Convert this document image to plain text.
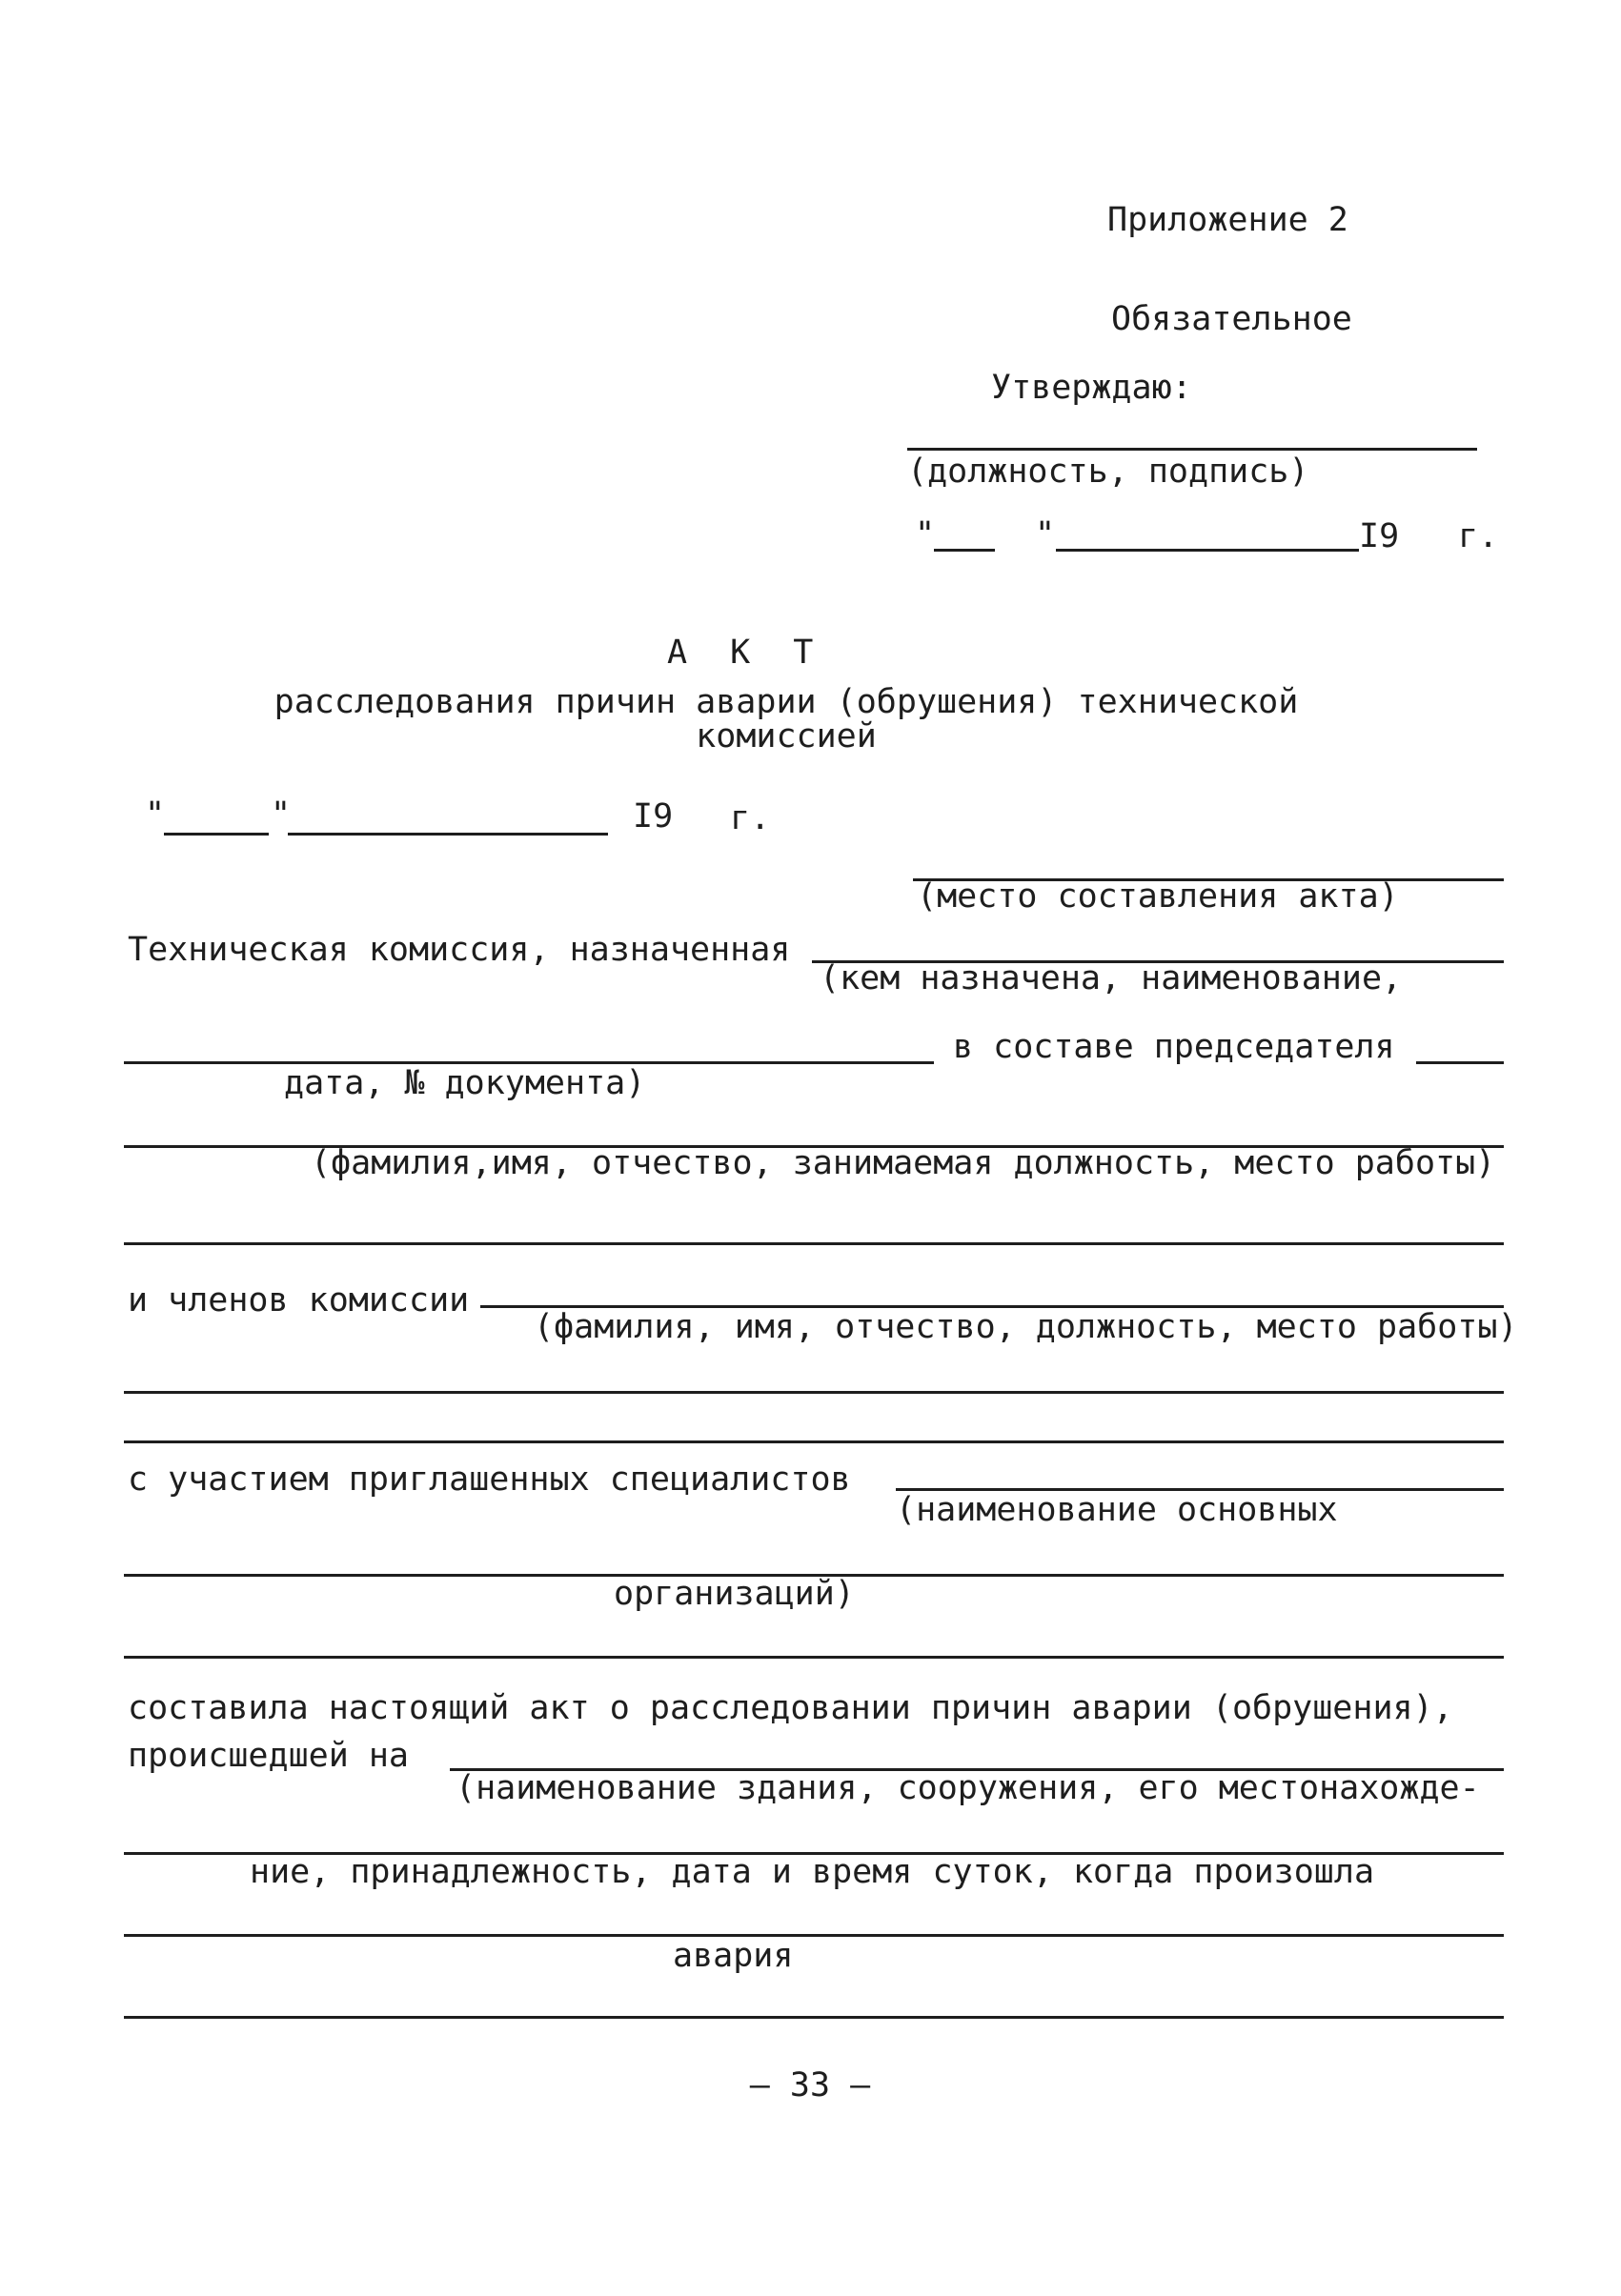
Приложение 2
Обязательное
Утверждаю:
(должность, подпись)
"	"	I9 г.
А К Т
расследования причин аварии (обрушения) технической
комиссией
"	"	I9 г.
(место составления акта)
Техническая комиссия, назначенная
(кем назначена, наименование,
в составе председателя
дата, № документа)
(фамилия,имя, отчество, занимаемая должность, место работы)
и членов комиссии
(фамилия, имя, отчество, должность, место работы)
с участием приглашенных специалистов
(наименование основных
организаций)
составила настоящий акт о расследовании причин аварии (обрушения),
происшедшей на
(наименование здания, сооружения, его местонахожде-
ние, принадлежность, дата и время суток, когда произошла
авария
– 33 –
